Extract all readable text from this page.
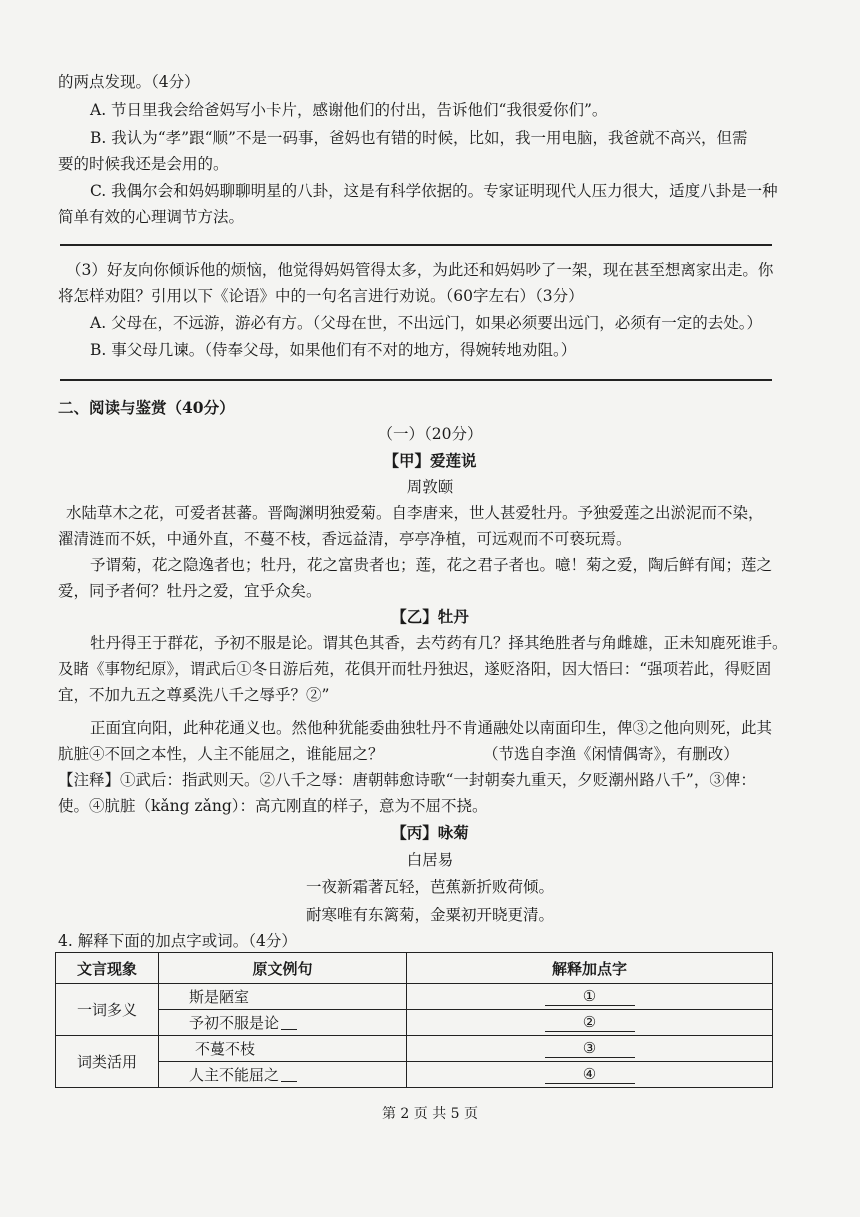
的两点发现。（4分）
A. 节日里我会给爸妈写小卡片，感谢他们的付出，告诉他们“我很爱你们”。
B. 我认为“孝”跟“顺”不是一码事，爸妈也有错的时候，比如，我一用电脑，我爸就不高兴，但需
要的时候我还是会用的。
C. 我偶尔会和妈妈聊聊明星的八卦，这是有科学依据的。专家证明现代人压力很大，适度八卦是一种
简单有效的心理调节方法。
（3）好友向你倾诉他的烦恼，他觉得妈妈管得太多，为此还和妈妈吵了一架，现在甚至想离家出走。你
将怎样劝阻？引用以下《论语》中的一句名言进行劝说。（60字左右）（3分）
A. 父母在，不远游，游必有方。（父母在世，不出远门，如果必须要出远门，必须有一定的去处。）
B. 事父母几谏。（侍奉父母，如果他们有不对的地方，得婉转地劝阻。）
二、阅读与鉴赏（40分）
（一）（20分）
【甲】爱莲说
周敦颐
水陆草木之花，可爱者甚蕃。晋陶渊明独爱菊。自李唐来，世人甚爱牡丹。予独爱莲之出淤泥而不染，
濯清涟而不妖，中通外直，不蔓不枝，香远益清，亭亭净植，可远观而不可亵玩焉。
予谓菊，花之隐逸者也；牡丹，花之富贵者也；莲，花之君子者也。噫！菊之爱，陶后鲜有闻；莲之
爱，同予者何？牡丹之爱，宜乎众矣。
【乙】牡丹
牡丹得王于群花，予初不服是论。谓其色其香，去芍药有几？择其绝胜者与角雌雄，正未知鹿死谁手。
及睹《事物纪原》，谓武后①冬日游后苑，花俱开而牡丹独迟，遂贬洛阳，因大悟曰：“强项若此，得贬固
宜，不加九五之尊奚洗八千之辱乎？②”
正面宜向阳，此种花通义也。然他种犹能委曲独牡丹不肯通融处以南面印生，俾③之他向则死，此其
肮脏④不回之本性，人主不能屈之，谁能屈之？	（节选自李渔《闲情偶寄》，有删改）
【注释】①武后：指武则天。②八千之辱：唐朝韩愈诗歌“一封朝奏九重天，夕贬潮州路八千”，③俾：
使。④肮脏（kǎng zǎng）：高亢刚直的样子，意为不屈不挠。
【丙】咏菊
白居易
一夜新霜著瓦轻，芭蕉新折败荷倾。
耐寒唯有东篱菊，金粟初开晓更清。
4. 解释下面的加点字或词。（4分）
文言现象	原文例句	解释加点字
一词多义	斯是陋室	①
	予初不服是论	②
词类活用	不蔓不枝	③
	人主不能屈之	④
第 2 页 共 5 页
